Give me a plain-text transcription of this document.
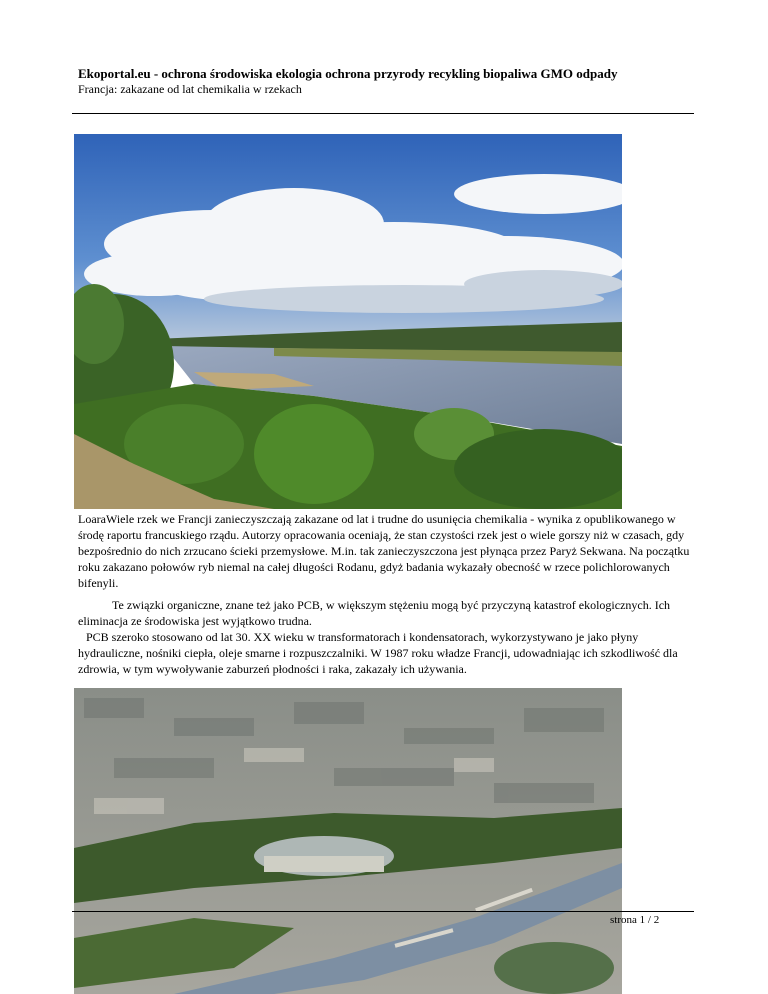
Ekoportal.eu - ochrona środowiska ekologia ochrona przyrody recykling biopaliwa GMO odpady
Francja: zakazane od lat chemikalia w rzekach
LoaraWiele rzek we Francji zanieczyszczają zakazane od lat i trudne do usunięcia chemikalia - wynika z opublikowanego w środę raportu francuskiego rządu. Autorzy opracowania oceniają, że stan czystości rzek jest o wiele gorszy niż w czasach, gdy bezpośrednio do nich zrzucano ścieki przemysłowe. M.in. tak zanieczyszczona jest płynąca przez Paryż Sekwana. Na początku roku zakazano połowów ryb niemal na całej długości Rodanu, gdyż badania wykazały obecność w rzece polichlorowanych bifenyli.
Te związki organiczne, znane też jako PCB, w większym stężeniu mogą być przyczyną katastrof ekologicznych. Ich eliminacja ze środowiska jest wyjątkowo trudna.
PCB szeroko stosowano od lat 30. XX wieku w transformatorach i kondensatorach, wykorzystywano je jako płyny hydrauliczne, nośniki ciepła, oleje smarne i rozpuszczalniki. W 1987 roku władze Francji, udowadniając ich szkodliwość dla zdrowia, w tym wywoływanie zaburzeń płodności i raka, zakazały ich używania.
strona 1 / 2
